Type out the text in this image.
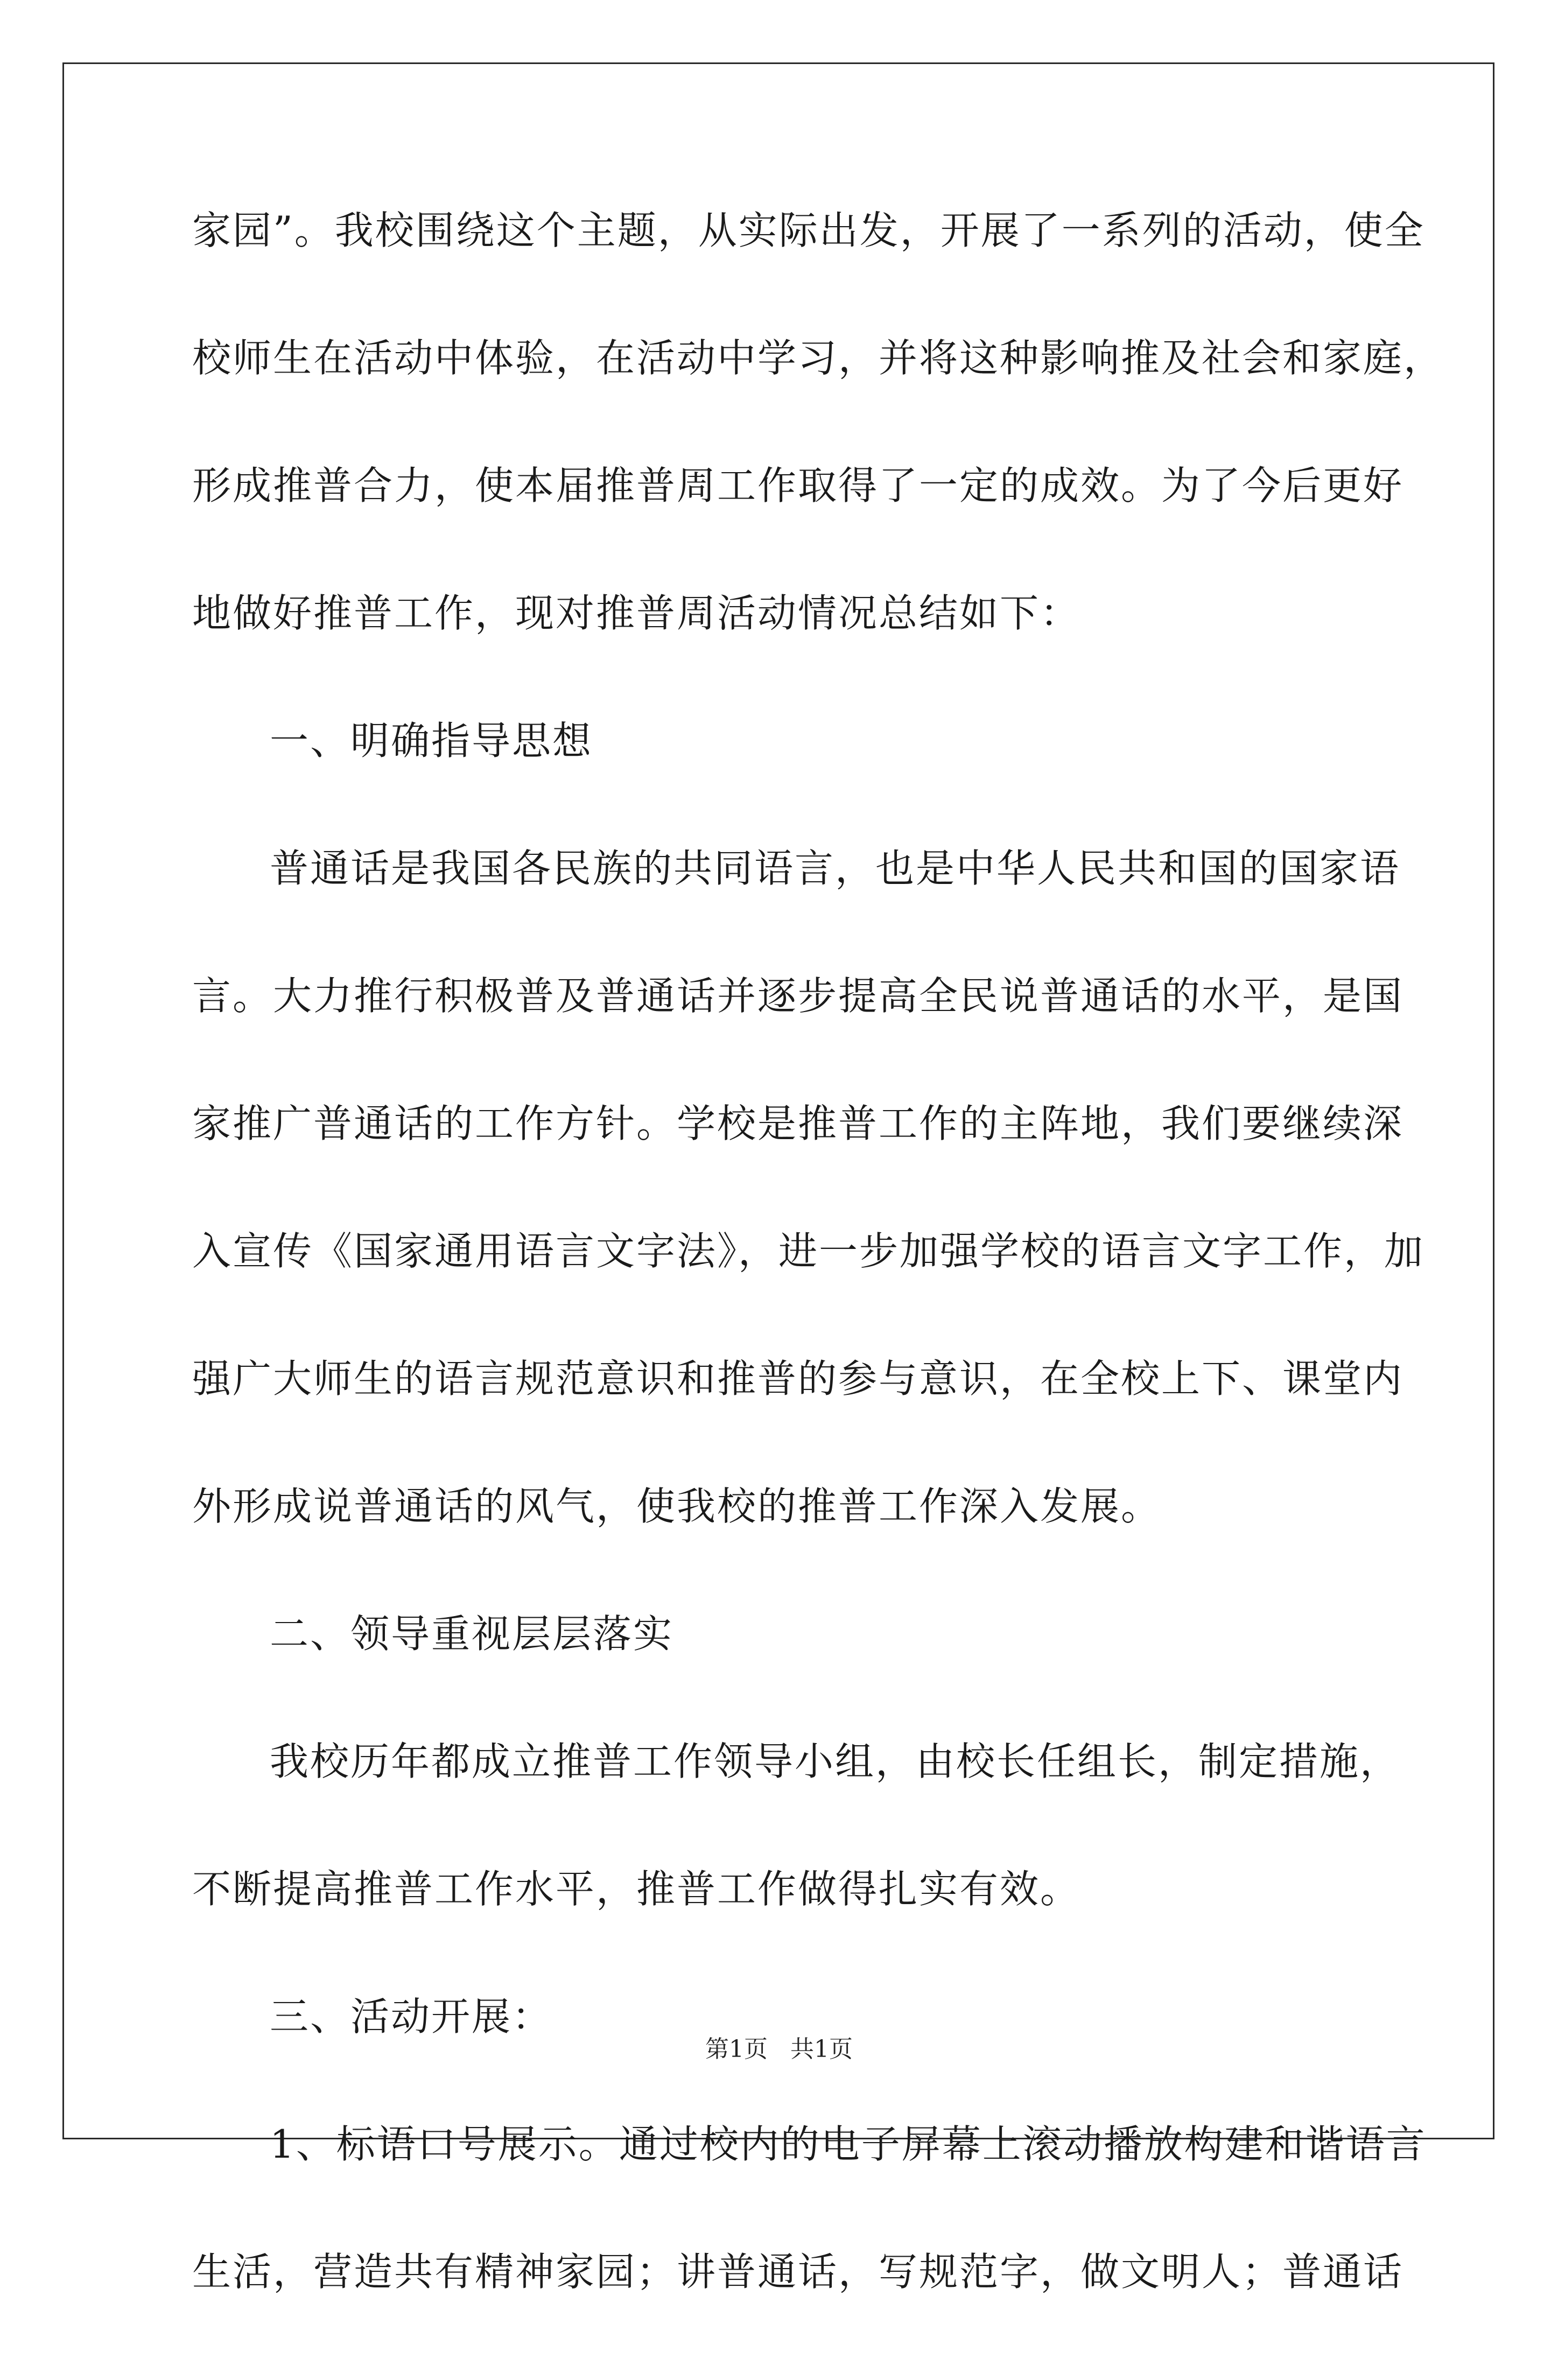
家园”。我校围绕这个主题，从实际出发，开展了一系列的活动，使全
校师生在活动中体验，在活动中学习，并将这种影响推及社会和家庭，
形成推普合力，使本届推普周工作取得了一定的成效。为了今后更好
地做好推普工作，现对推普周活动情况总结如下：
一、明确指导思想
普通话是我国各民族的共同语言，也是中华人民共和国的国家语
言。大力推行积极普及普通话并逐步提高全民说普通话的水平，是国
家推广普通话的工作方针。学校是推普工作的主阵地，我们要继续深
入宣传《国家通用语言文字法》，进一步加强学校的语言文字工作，加
强广大师生的语言规范意识和推普的参与意识，在全校上下、课堂内
外形成说普通话的风气，使我校的推普工作深入发展。
二、领导重视层层落实
我校历年都成立推普工作领导小组，由校长任组长，制定措施，
不断提高推普工作水平，推普工作做得扎实有效。
三、活动开展：
1、标语口号展示。通过校内的电子屏幕上滚动播放构建和谐语言
生活，营造共有精神家园；讲普通话，写规范字，做文明人；普通话
第1页   共1页
